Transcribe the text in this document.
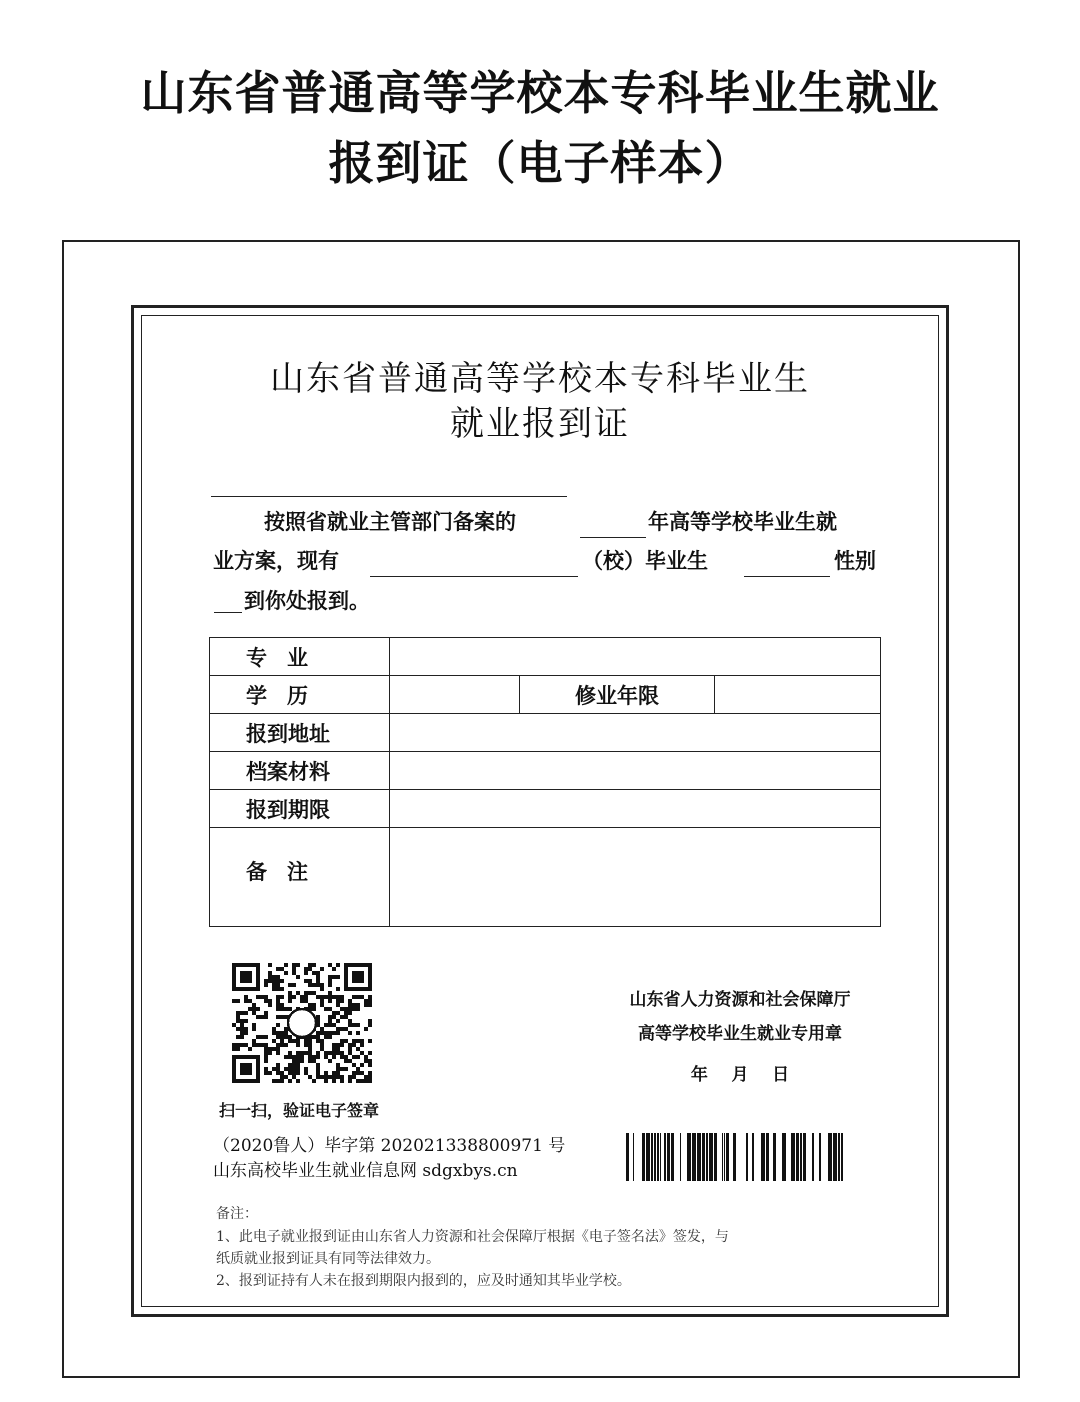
山东省普通高等学校本专科毕业生就业
报到证（电子样本）
山东省普通高等学校本专科毕业生
就业报到证
按照省就业主管部门备案的	年高等学校毕业生就
业方案，现有	（校）毕业生	性别
到你处报到。
专业			
学历		修业年限	
报到地址			
档案材料			
报到期限			
备注			
扫一扫，验证电子签章
（2020鲁人）毕字第 202021338800971 号
山东高校毕业生就业信息网 sdgxbys.cn
山东省人力资源和社会保障厅
高等学校毕业生就业专用章
年    月    日
备注：
1、此电子就业报到证由山东省人力资源和社会保障厅根据《电子签名法》签发，与
纸质就业报到证具有同等法律效力。
2、报到证持有人未在报到期限内报到的，应及时通知其毕业学校。
